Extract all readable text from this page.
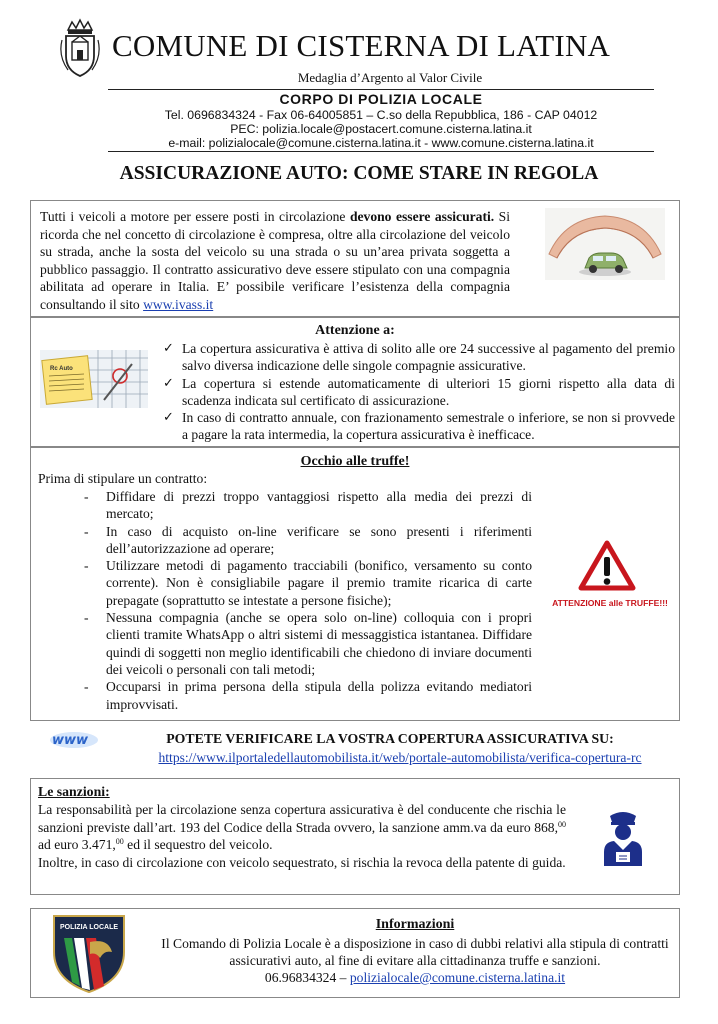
COMUNE DI CISTERNA DI LATINA
Medaglia d’Argento al Valor Civile
CORPO DI POLIZIA LOCALE
Tel. 0696834324 - Fax 06-64005851 – C.so della Repubblica, 186 - CAP 04012
PEC: polizia.locale@postacert.comune.cisterna.latina.it
e-mail: polizialocale@comune.cisterna.latina.it - www.comune.cisterna.latina.it
ASSICURAZIONE AUTO: COME STARE IN REGOLA
Tutti i veicoli a motore per essere posti in circolazione devono essere assicurati. Si ricorda che nel concetto di circolazione è compresa, oltre alla circolazione del veicolo su strada, anche la sosta del veicolo su una strada o su un’area privata soggetta a pubblico passaggio. Il contratto assicurativo deve essere stipulato con una compagnia abilitata ad operare in Italia. E’ possibile verificare l’esistenza della compagnia consultando il sito www.ivass.it
Attenzione a:
Rc Auto
✓ La copertura assicurativa è attiva di solito alle ore 24 successive al pagamento del premio salvo diversa indicazione delle singole compagnie assicurative.
✓ La copertura si estende automaticamente di ulteriori 15 giorni rispetto alla data di scadenza indicata sul certificato di assicurazione.
✓ In caso di contratto annuale, con frazionamento semestrale o inferiore, se non si provvede a pagare la rata intermedia, la copertura assicurativa è inefficace.
Occhio alle truffe!
Prima di stipulare un contratto:
- Diffidare di prezzi troppo vantaggiosi rispetto alla media dei prezzi di mercato;
- In caso di acquisto on-line verificare se sono presenti i riferimenti dell’autorizzazione ad operare;
- Utilizzare metodi di pagamento tracciabili (bonifico, versamento su conto corrente). Non è consigliabile pagare il premio tramite ricarica di carte prepagate (soprattutto se intestate a persone fisiche);
- Nessuna compagnia (anche se opera solo on-line) colloquia con i propri clienti tramite WhatsApp o altri sistemi di messaggistica istantanea. Diffidare quindi di soggetti non meglio identificabili che chiedono di inviare documenti dei veicoli o personali con tali metodi;
- Occuparsi in prima persona della stipula della polizza evitando mediatori improvvisati.
ATTENZIONE alle TRUFFE!!!
www	POTETE VERIFICARE LA VOSTRA COPERTURA ASSICURATIVA SU:
https://www.ilportaledellautomobilista.it/web/portale-automobilista/verifica-copertura-rc
Le sanzioni:
La responsabilità per la circolazione senza copertura assicurativa è del conducente che rischia le sanzioni previste dall’art. 193 del Codice della Strada ovvero, la sanzione amm.va da euro 868,00 ad euro 3.471,00 ed il sequestro del veicolo.
Inoltre, in caso di circolazione con veicolo sequestrato, si rischia la revoca della patente di guida.
POLIZIA LOCALE	Informazioni
Il Comando di Polizia Locale è a disposizione in caso di dubbi relativi alla stipula di contratti assicurativi auto, al fine di evitare alla cittadinanza truffe e sanzioni.
06.96834324 – polizialocale@comune.cisterna.latina.it
